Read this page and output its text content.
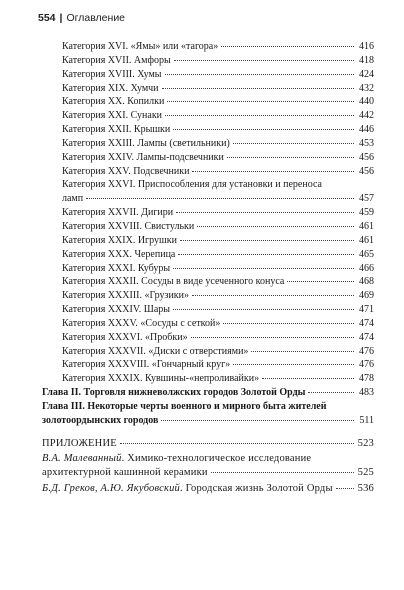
554 | Оглавление
Категория XVI. «Ямы» или «тагора»	416
Категория XVII. Амфоры	418
Категория XVIII. Хумы	424
Категория XIX. Хумчи	432
Категория XX. Копилки	440
Категория XXI. Сунаки	442
Категория XXII. Крышки	446
Категория XXIII. Лампы (светильники)	453
Категория XXIV. Лампы-подсвечники	456
Категория XXV. Подсвечники	456
Категория XXVI. Приспособления для установки и переноса
ламп	457
Категория XXVII. Дигири	459
Категория XXVIII. Свистульки	461
Категория XXIX. Игрушки	461
Категория XXX. Черепица	465
Категория XXXI. Кубуры	466
Категория XXXII. Сосуды в виде усеченного конуса	468
Категория XXXIII. «Грузики»	469
Категория XXXIV. Шары	471
Категория XXXV. «Сосуды с сеткой»	474
Категория XXXVI. «Пробки»	474
Категория XXXVII. «Диски с отверстиями»	476
Категория XXXVIII. «Гончарный круг»	476
Категория XXXIX. Кувшины-«непроливайки»	478
Глава II. Торговля нижневолжских городов Золотой Орды	483
Глава III. Некоторые черты военного и мирного быта жителей
золотоордынских городов	511
ПРИЛОЖЕНИЕ	523
В.А. Малеванный. Химико-технологическое исследование
архитектурной кашинной керамики	525
Б.Д. Греков, А.Ю. Якубовский. Городская жизнь Золотой Орды 536
